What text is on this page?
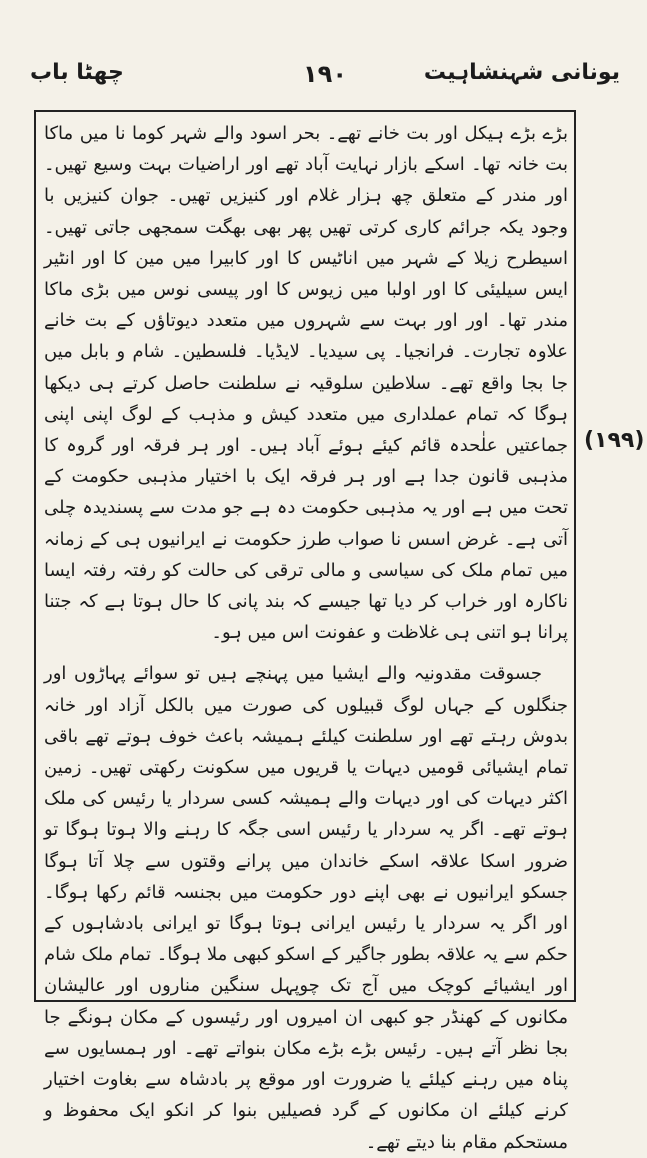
یونانی شہنشاہیت
١٩٠
چھٹا باب

بڑے بڑے ہیکل اور بت خانے تھے۔ بحر اسود والے شہر کوما نا میں ماکا بت خانہ تھا۔ اسکے بازار نہایت آباد تھے اور اراضیات بہت وسیع تھیں۔ اور مندر کے متعلق چھ ہزار غلام اور کنیزیں تھیں۔ جوان کنیزیں با وجود یکہ جرائم کاری کرتی تھیں پھر بھی بھگت سمجھی جاتی تھیں۔ اسیطرح زیلا کے شہر میں اناٹیس کا اور کابیرا میں مین کا اور انٹیر ایس سیلیئی کا اور اولبا میں زیوس کا اور پیسی نوس میں بڑی ماکا مندر تھا۔ اور اور بہت سے شہروں میں متعدد دیوتاؤں کے بت خانے علاوہ تجارت۔ فرانجیا۔ پی سیدیا۔ لایڈیا۔ فلسطین۔ شام و بابل میں جا بجا واقع تھے۔ سلاطین سلوقیہ نے سلطنت حاصل کرتے ہی دیکھا ہوگا کہ تمام عملداری میں متعدد کیش و مذہب کے لوگ اپنی اپنی جماعتیں علٰحدہ قائم کیئے ہوئے آباد ہیں۔ اور ہر فرقہ اور گروہ کا مذہبی قانون جدا ہے اور ہر فرقہ ایک با اختیار مذہبی حکومت کے تحت میں ہے اور یہ مذہبی حکومت دہ ہے جو مدت سے پسندیدہ چلی آتی ہے۔ غرض اسس نا صواب طرز حکومت نے ایرانیوں ہی کے زمانہ میں تمام ملک کی سیاسی و مالی ترقی کی حالت کو رفتہ رفتہ ایسا ناکارہ اور خراب کر دیا تھا جیسے کہ بند پانی کا حال ہوتا ہے کہ جتنا پرانا ہو اتنی ہی غلاظت و عفونت اس میں ہو۔

جسوقت مقدونیہ والے ایشیا میں پہنچے ہیں تو سوائے پہاڑوں اور جنگلوں کے جہاں لوگ قبیلوں کی صورت میں بالکل آزاد اور خانہ بدوش رہتے تھے اور سلطنت کیلئے ہمیشہ باعث خوف ہوتے تھے باقی تمام ایشیائی قومیں دیہات یا قریوں میں سکونت رکھتی تھیں۔ زمین اکثر دیہات کی اور دیہات والے ہمیشہ کسی سردار یا رئیس کی ملک ہوتے تھے۔ اگر یہ سردار یا رئیس اسی جگہ کا رہنے والا ہوتا ہوگا تو ضرور اسکا علاقہ اسکے خاندان میں پرانے وقتوں سے چلا آتا ہوگا جسکو ایرانیوں نے بھی اپنے دور حکومت میں بجنسہ قائم رکھا ہوگا۔ اور اگر یہ سردار یا رئیس ایرانی ہوتا ہوگا تو ایرانی بادشاہوں کے حکم سے یہ علاقہ بطور جاگیر کے اسکو کبھی ملا ہوگا۔ تمام ملک شام اور ایشیائے کوچک میں آج تک چوپہل سنگین مناروں اور عالیشان مکانوں کے کھنڈر جو کبھی ان امیروں اور رئیسوں کے مکان ہونگے جا بجا نظر آتے ہیں۔ رئیس بڑے بڑے مکان بنواتے تھے۔ اور ہمسایوں سے پناہ میں رہنے کیلئے یا ضرورت اور موقع پر بادشاہ سے بغاوت اختیار کرنے کیلئے ان مکانوں کے گرد فصیلیں بنوا کر انکو ایک محفوظ و مستحکم مقام بنا دیتے تھے۔

(۱۹۹)
